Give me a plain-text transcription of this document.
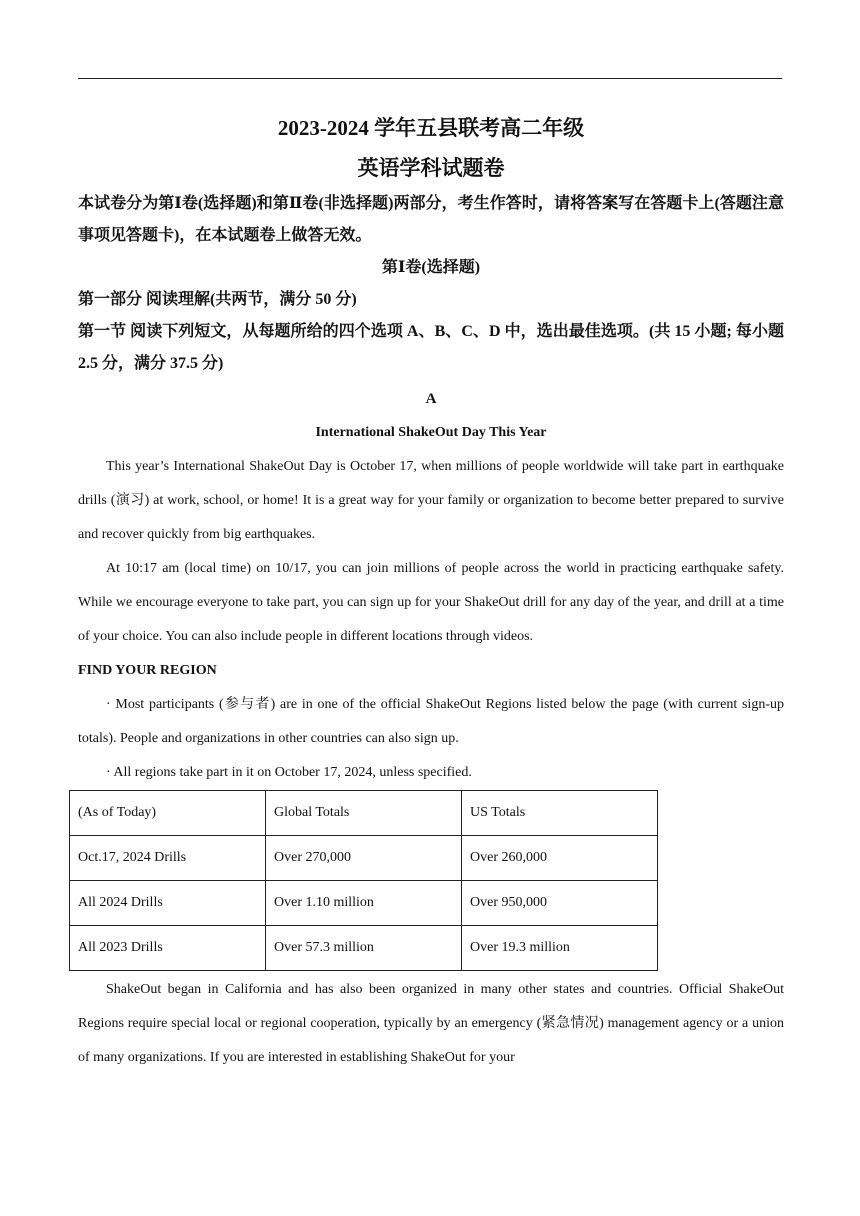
2023-2024 学年五县联考高二年级
英语学科试题卷
本试卷分为第Ⅰ卷(选择题)和第Ⅱ卷(非选择题)两部分，考生作答时，请将答案写在答题卡上(答题注意事项见答题卡)，在本试题卷上做答无效。
第Ⅰ卷(选择题)
第一部分 阅读理解(共两节，满分 50 分)
第一节 阅读下列短文，从每题所给的四个选项 A、B、C、D 中，选出最佳选项。(共 15 小题; 每小题 2.5 分，满分 37.5 分)
A
International ShakeOut Day This Year

This year’s International ShakeOut Day is October 17, when millions of people worldwide will take part in earthquake drills (演习) at work, school, or home! It is a great way for your family or organization to become better prepared to survive and recover quickly from big earthquakes.

At 10:17 am (local time) on 10/17, you can join millions of people across the world in practicing earthquake safety. While we encourage everyone to take part, you can sign up for your ShakeOut drill for any day of the year, and drill at a time of your choice. You can also include people in different locations through videos.

FIND YOUR REGION

· Most participants (参与者) are in one of the official ShakeOut Regions listed below the page (with current sign-up totals). People and organizations in other countries can also sign up.

· All regions take part in it on October 17, 2024, unless specified.

(As of Today)	Global Totals	US Totals
Oct.17, 2024 Drills	Over 270,000	Over 260,000
All 2024 Drills	Over 1.10 million	Over 950,000
All 2023 Drills	Over 57.3 million	Over 19.3 million

ShakeOut began in California and has also been organized in many other states and countries. Official ShakeOut Regions require special local or regional cooperation, typically by an emergency (紧急情况) management agency or a union of many organizations. If you are interested in establishing ShakeOut for your
